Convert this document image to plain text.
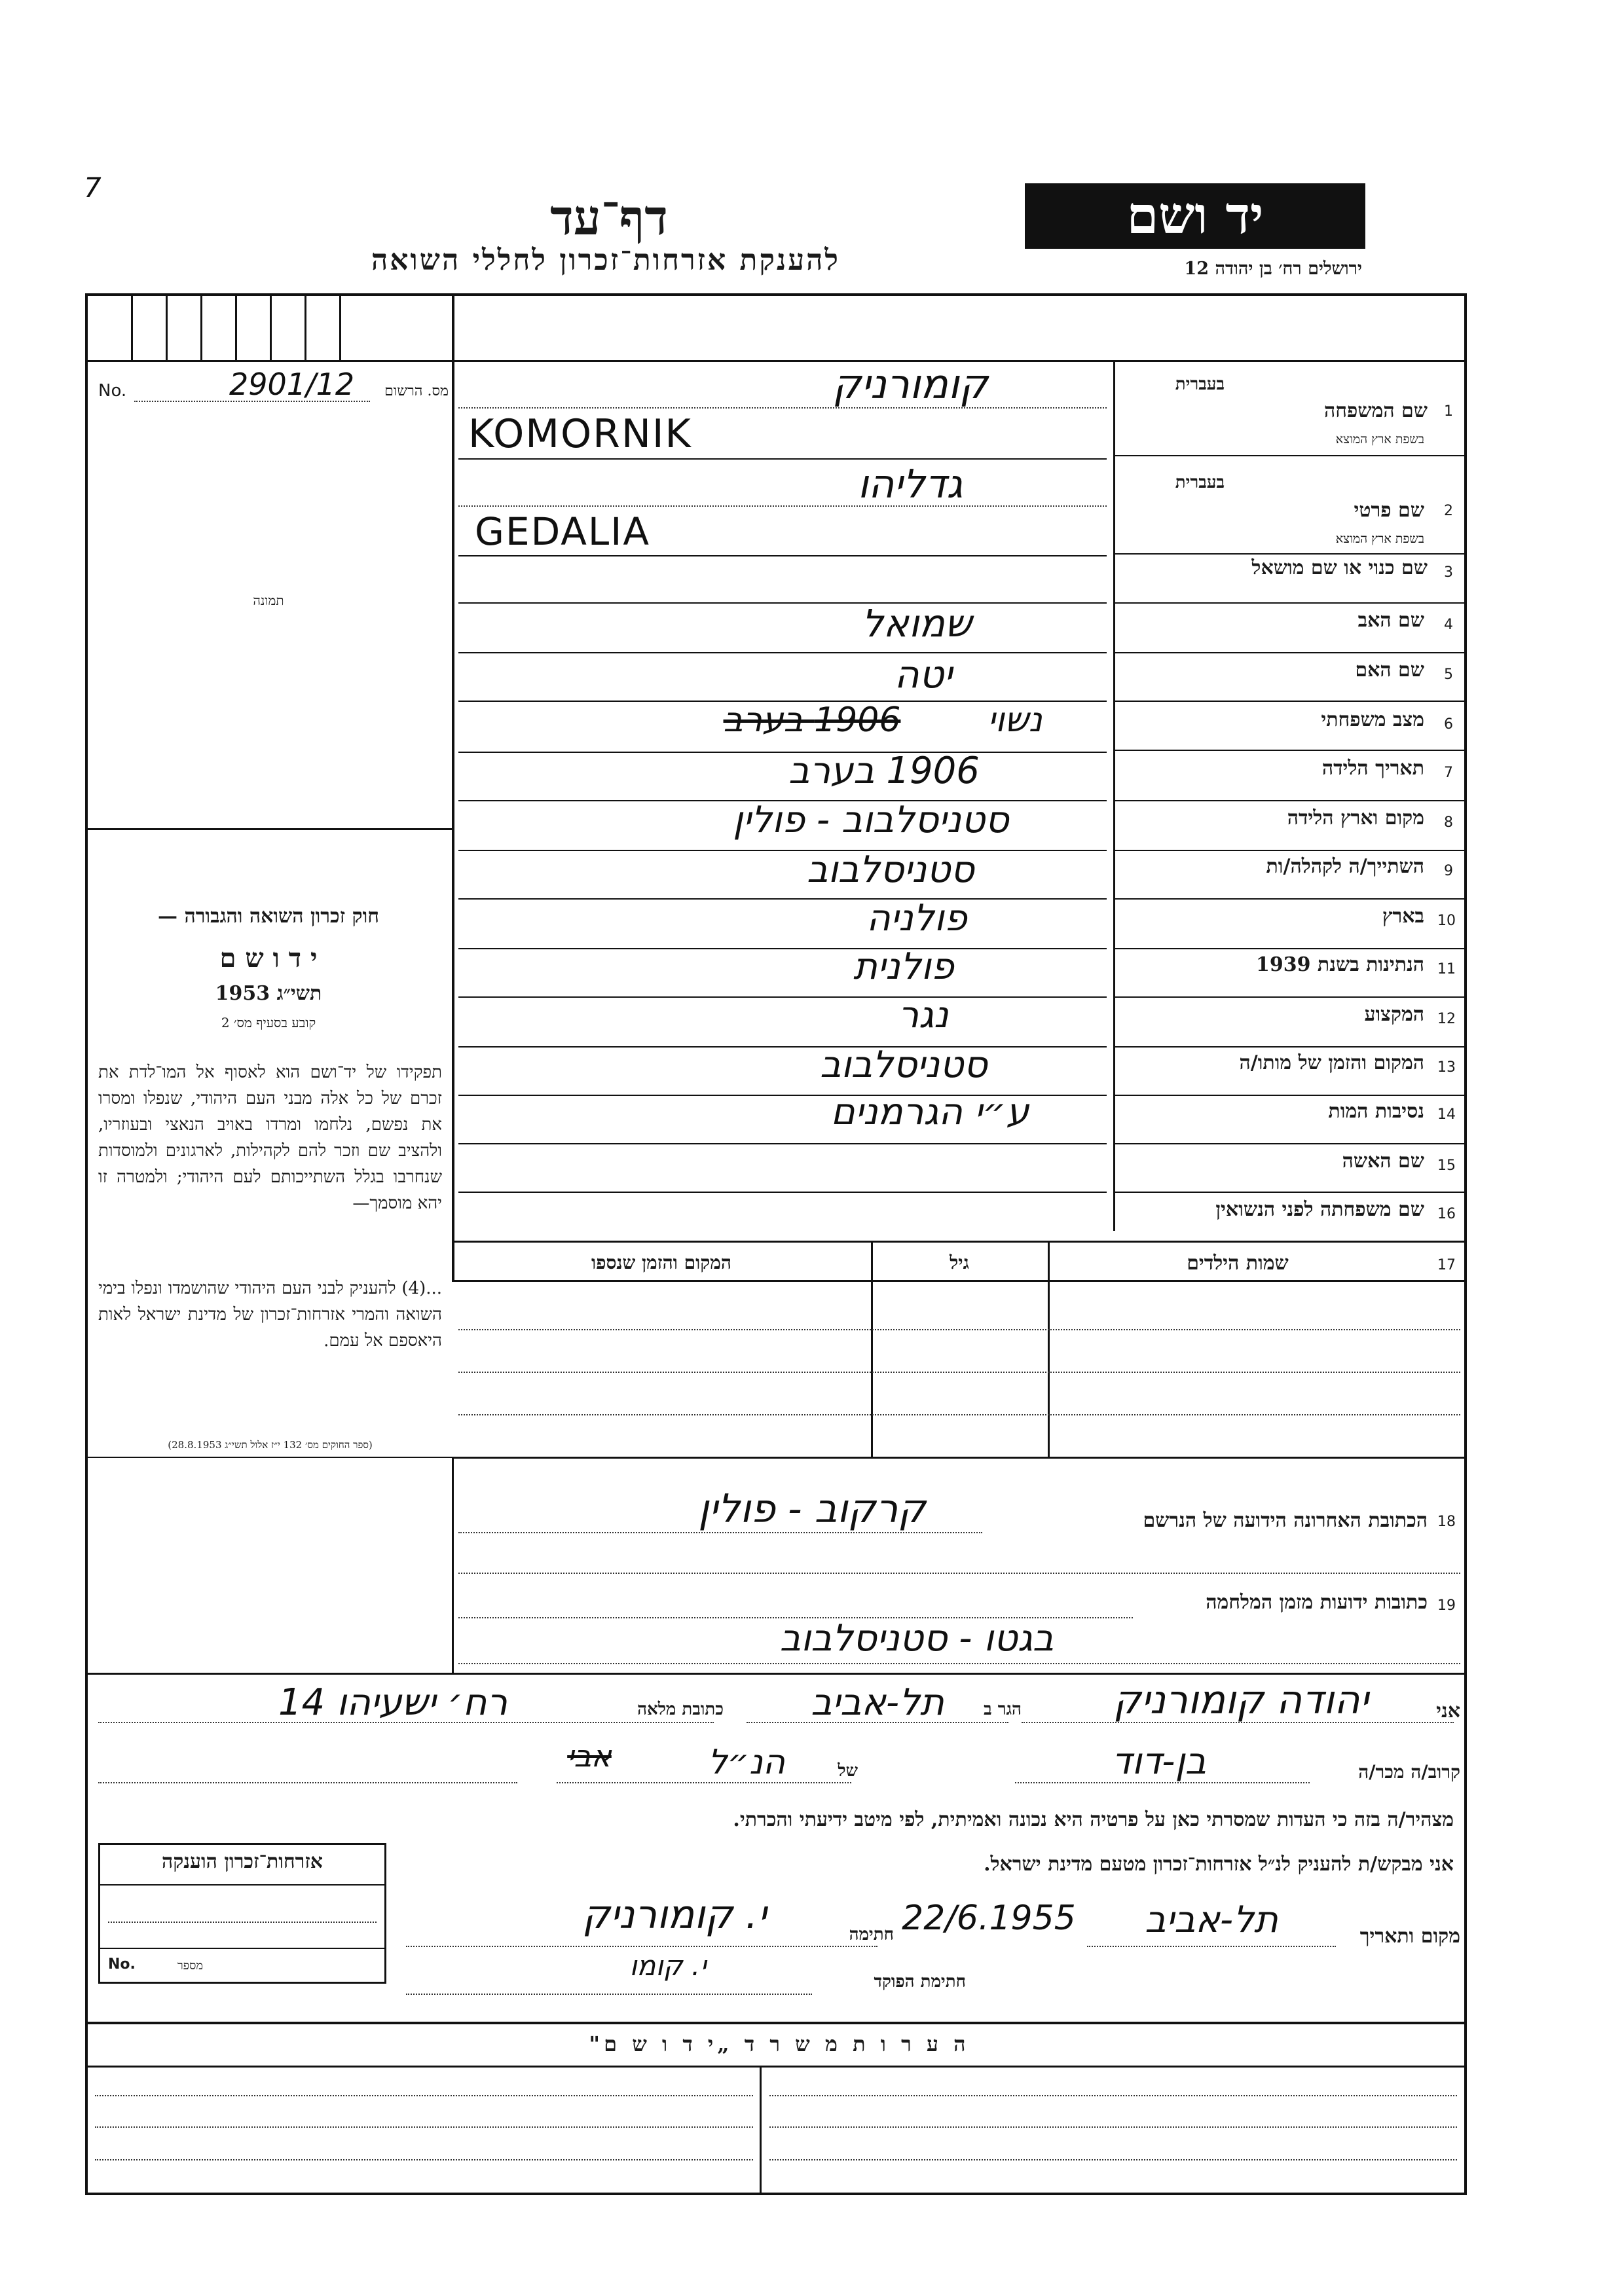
7
דף־עד
להענקת אזרחות־זכרון לחללי השואה
יד ושם
ירושלים רח׳ בן יהודה 12
No.	2901/12	מס. הרשום
תמונה
חוק זכרון השואה והגבורה —
י ד ו ש ם
תשי״ג 1953
קובע בסעיף מס׳ 2
תפקידו של יד־ושם הוא לאסוף אל המו־לדת את זכרם של כל אלה מבני העם היהודי, שנפלו ומסרו את נפשם, נלחמו ומרדו באויב הנאצי ובעוזריו, ולהציב שם וזכר להם לקהילות, לארגונים ולמוסדות שנחרבו בגלל השתייכותם לעם היהודי; ולמטרה זו יהא מוסמך—
...(4) להעניק לבני העם היהודי שהושמדו ונפלו בימי השואה והמרי אזרחות־זכרון של מדינת ישראל לאות היאספם אל עמם.
(ספר החוקים מס׳ 132 י״ז אלול תשי״ג 28.8.1953)
בעברית
שם המשפחה 1
בשפת ארץ המוצא
קומורניק
KOMORNIK
בעברית
שם פרטי 2
בשפת ארץ המוצא
גדליהו
GEDALIA
שם כנוי או שם מושאל 3
שם האב 4
שמואל
שם האם 5
יטה
מצב משפחתי 6
1906 בערב	נשוי
תאריך הלידה 7
1906 בערב
מקום וארץ הלידה 8
סטניסלבוב - פולין
השתייך/ה לקהלה/ות 9
סטניסלבוב
בארץ 10
פולניה
הנתינות בשנת 1939 11
פולנית
המקצוע 12
נגר
המקום והזמן של מותו/ה 13
סטניסלבוב
נסיבות המות 14
ע״י הגרמנים
שם האשה 15
שם משפחתה לפני הנשואין 16
המקום והזמן שנספו	גיל	שמות הילדים	17
קרקוב - פולין	הכתובת האחרונה הידועה של הנרשם 18
כתובות ידועות מזמן המלחמה 19
בגטו - סטניסלבוב
אני
יהודה קומורניק
הגר ב
תל-אביב
כתובת מלאה
רח׳ ישעיהו 14
קרוב/ה מכר/ה
בן-דוד
של
הנ״ל
אבי
מצהיר/ה בזה כי העדות שמסרתי כאן על פרטיה היא נכונה ואמיתית, לפי מיטב ידיעתי והכרתי.
אני מבקש/ת להעניק לנ״ל אזרחות־זכרון מטעם מדינת ישראל.
אזרחות־זכרון הוענקה
No.	מספר
מקום ותאריך
תל-אביב
22/6.1955
חתימה
י. קומורניק
חתימת הפוקד
י. קומו
ה ע ר ו ת מ ש ר ד „י ד ו ש ם"
